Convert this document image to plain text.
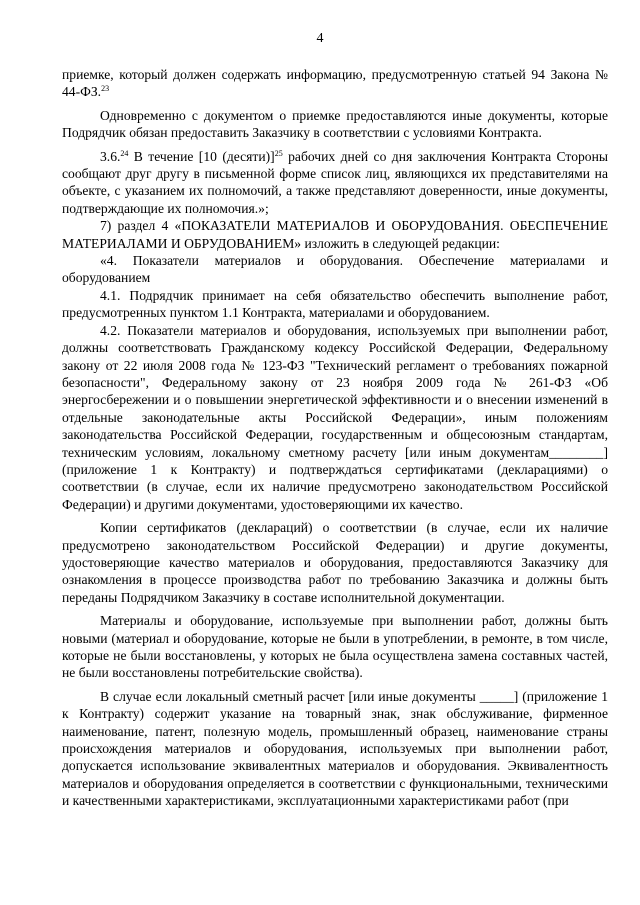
4

приемке, который должен содержать информацию, предусмотренную статьей 94 Закона № 44-ФЗ.$^{23}$

Одновременно с документом о приемке предоставляются иные документы, которые Подрядчик обязан предоставить Заказчику в соответствии с условиями Контракта.

3.6.24 В течение [10 (десяти)]$^{25}$ рабочих дней со дня заключения Контракта Стороны сообщают друг другу в письменной форме список лиц, являющихся их представителями на объекте, с указанием их полномочий, а также представляют доверенности, иные документы, подтверждающие их полномочия.»;

7) раздел 4 «ПОКАЗАТЕЛИ МАТЕРИАЛОВ И ОБОРУДОВАНИЯ. ОБЕСПЕЧЕНИЕ МАТЕРИАЛАМИ И ОБРУДОВАНИЕМ» изложить в следующей редакции:

«4. Показатели материалов и оборудования. Обеспечение материалами и оборудованием

4.1. Подрядчик принимает на себя обязательство обеспечить выполнение работ, предусмотренных пунктом 1.1 Контракта, материалами и оборудованием.

4.2. Показатели материалов и оборудования, используемых при выполнении работ, должны соответствовать Гражданскому кодексу Российской Федерации, Федеральному закону от 22 июля 2008 года № 123-ФЗ "Технический регламент о требованиях пожарной безопасности", Федеральному закону от 23 ноября 2009 года № 261-ФЗ «Об энергосбережении и о повышении энергетической эффективности и о внесении изменений в отдельные законодательные акты Российской Федерации», иным положениям законодательства Российской Федерации, государственным и общесоюзным стандартам, техническим условиям, локальному сметному расчету [или иным документам________] (приложение 1 к Контракту) и подтверждаться сертификатами (декларациями) о соответствии (в случае, если их наличие предусмотрено законодательством Российской Федерации) и другими документами, удостоверяющими их качество.

Копии сертификатов (деклараций) о соответствии (в случае, если их наличие предусмотрено законодательством Российской Федерации) и другие документы, удостоверяющие качество материалов и оборудования, предоставляются Заказчику для ознакомления в процессе производства работ по требованию Заказчика и должны быть переданы Подрядчиком Заказчику в составе исполнительной документации.

Материалы и оборудование, используемые при выполнении работ, должны быть новыми (материал и оборудование, которые не были в употреблении, в ремонте, в том числе, которые не были восстановлены, у которых не была осуществлена замена составных частей, не были восстановлены потребительские свойства).

В случае если локальный сметный расчет [или иные документы _____] (приложение 1 к Контракту) содержит указание на товарный знак, знак обслуживание, фирменное наименование, патент, полезную модель, промышленный образец, наименование страны происхождения материалов и оборудования, используемых при выполнении работ, допускается использование эквивалентных материалов и оборудования. Эквивалентность материалов и оборудования определяется в соответствии с функциональными, техническими и качественными характеристиками, эксплуатационными характеристиками работ (при
